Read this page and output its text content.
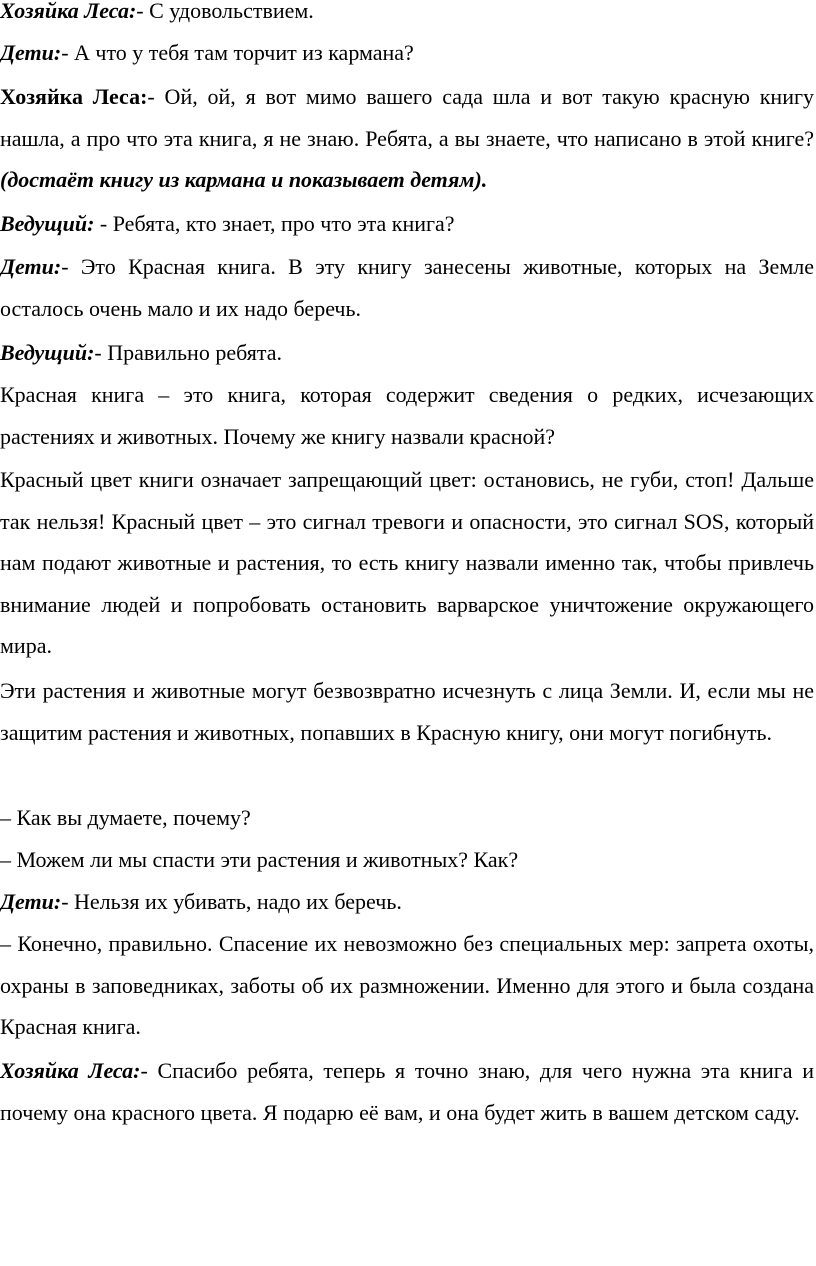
Хозяйка Леса:- С удовольствием.

Дети:- А что у тебя там торчит из кармана?

Хозяйка Леса:- Ой, ой, я вот мимо вашего сада шла и вот такую красную книгу нашла, а про что эта книга, я не знаю. Ребята, а вы знаете, что написано в этой книге? (достаёт книгу из кармана и показывает детям).

Ведущий: - Ребята, кто знает, про что эта книга?

Дети:- Это Красная книга. В эту книгу занесены животные, которых на Земле осталось очень мало и их надо беречь.

Ведущий:- Правильно ребята.

Красная книга – это книга, которая содержит сведения о редких, исчезающих растениях и животных. Почему же книгу назвали красной?

Красный цвет книги означает запрещающий цвет: остановись, не губи, стоп! Дальше так нельзя! Красный цвет – это сигнал тревоги и опасности, это сигнал SOS, который нам подают животные и растения, то есть книгу назвали именно так, чтобы привлечь внимание людей и попробовать остановить варварское уничтожение окружающего мира.

Эти растения и животные могут безвозвратно исчезнуть с лица Земли. И, если мы не защитим растения и животных, попавших в Красную книгу, они могут погибнуть.

– Как вы думаете, почему?

– Можем ли мы спасти эти растения и животных? Как?

Дети:- Нельзя их убивать, надо их беречь.

– Конечно, правильно. Спасение их невозможно без специальных мер: запрета охоты, охраны в заповедниках, заботы об их размножении. Именно для этого и была создана Красная книга.

Хозяйка Леса:- Спасибо ребята, теперь я точно знаю, для чего нужна эта книга и почему она красного цвета. Я подарю её вам, и она будет жить в вашем детском саду.
